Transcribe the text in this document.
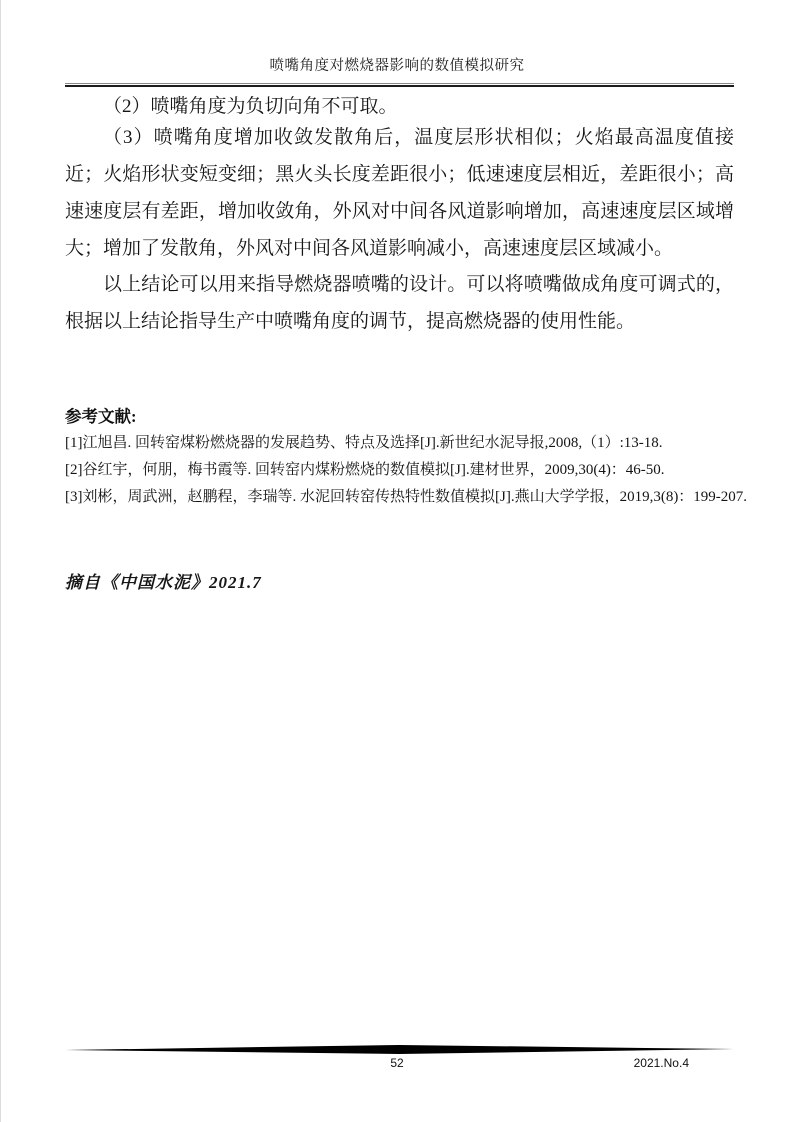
喷嘴角度对燃烧器影响的数值模拟研究

（2）喷嘴角度为负切向角不可取。

（3）喷嘴角度增加收敛发散角后，温度层形状相似；火焰最高温度值接近；火焰形状变短变细；黑火头长度差距很小；低速速度层相近，差距很小；高速速度层有差距，增加收敛角，外风对中间各风道影响增加，高速速度层区域增大；增加了发散角，外风对中间各风道影响减小，高速速度层区域减小。

以上结论可以用来指导燃烧器喷嘴的设计。可以将喷嘴做成角度可调式的，根据以上结论指导生产中喷嘴角度的调节，提高燃烧器的使用性能。

参考文献:
[1]江旭昌. 回转窑煤粉燃烧器的发展趋势、特点及选择[J].新世纪水泥导报,2008,（1）:13-18.
[2]谷红宇，何朋，梅书霞等. 回转窑内煤粉燃烧的数值模拟[J].建材世界，2009,30(4)：46-50.
[3]刘彬，周武洲，赵鹏程，李瑞等. 水泥回转窑传热特性数值模拟[J].燕山大学学报，2019,3(8)：199-207.
摘自《中国水泥》2021.7
52	2021.No.4
